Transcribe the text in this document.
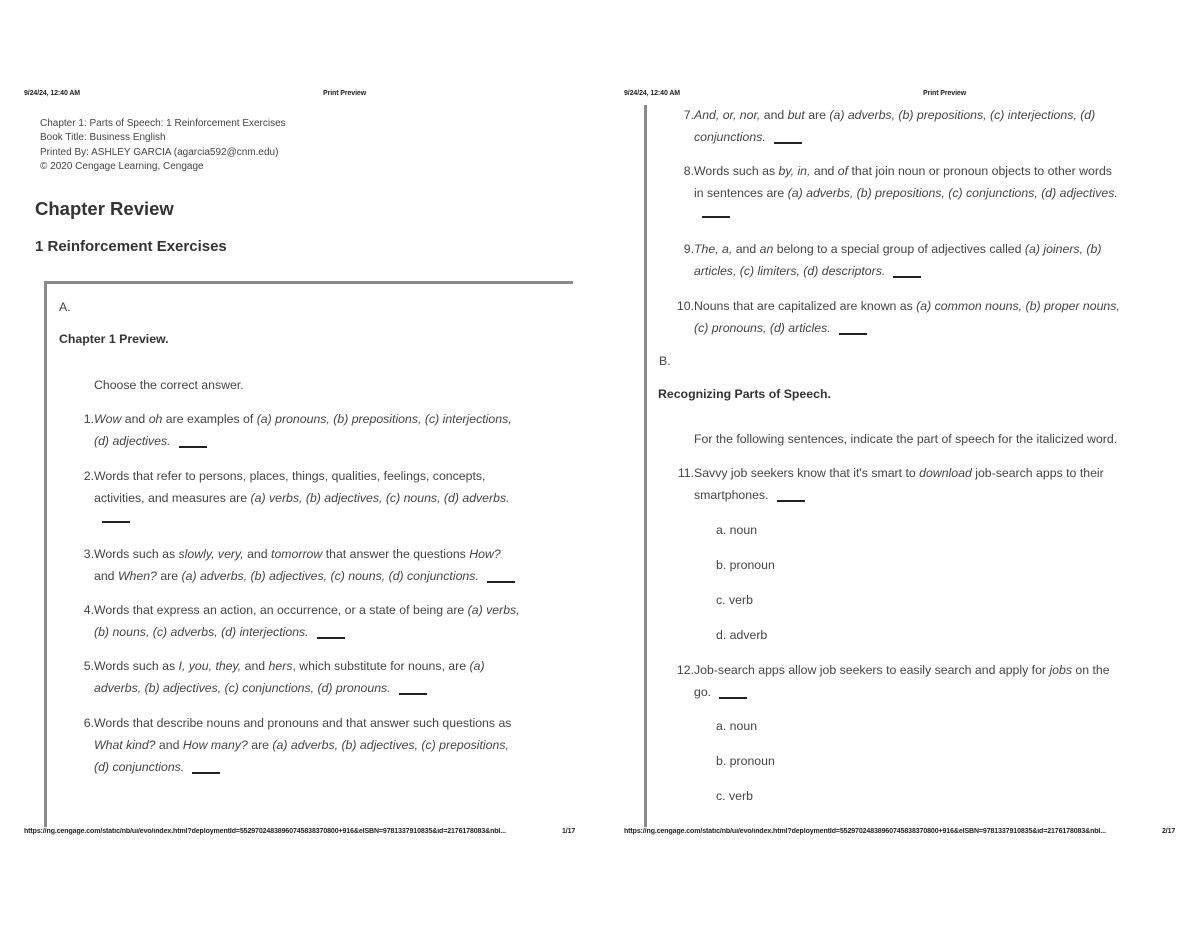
9/24/24, 12:40 AM	Print Preview
Chapter 1: Parts of Speech: 1 Reinforcement Exercises
Book Title: Business English
Printed By: ASHLEY GARCIA (agarcia592@cnm.edu)
© 2020 Cengage Learning, Cengage
Chapter Review
1 Reinforcement Exercises
A.
Chapter 1 Preview.
Choose the correct answer.
1. Wow and oh are examples of (a) pronouns, (b) prepositions, (c) interjections,
(d) adjectives.
2. Words that refer to persons, places, things, qualities, feelings, concepts,
activities, and measures are (a) verbs, (b) adjectives, (c) nouns, (d) adverbs.
3. Words such as slowly, very, and tomorrow that answer the questions How?
and When? are (a) adverbs, (b) adjectives, (c) nouns, (d) conjunctions.
4. Words that express an action, an occurrence, or a state of being are (a) verbs,
(b) nouns, (c) adverbs, (d) interjections.
5. Words such as I, you, they, and hers, which substitute for nouns, are (a)
adverbs, (b) adjectives, (c) conjunctions, (d) pronouns.
6. Words that describe nouns and pronouns and that answer such questions as
What kind? and How many? are (a) adverbs, (b) adjectives, (c) prepositions,
(d) conjunctions.
https://ng.cengage.com/static/nb/ui/evo/index.html?deploymentId=55297024838960745838370800+916&eISBN=9781337910835&id=2176178083&nbI...	1/17
9/24/24, 12:40 AM	Print Preview
7. And, or, nor, and but are (a) adverbs, (b) prepositions, (c) interjections, (d)
conjunctions.
8. Words such as by, in, and of that join noun or pronoun objects to other words
in sentences are (a) adverbs, (b) prepositions, (c) conjunctions, (d) adjectives.
9. The, a, and an belong to a special group of adjectives called (a) joiners, (b)
articles, (c) limiters, (d) descriptors.
10. Nouns that are capitalized are known as (a) common nouns, (b) proper nouns,
(c) pronouns, (d) articles.
B.
Recognizing Parts of Speech.
For the following sentences, indicate the part of speech for the italicized word.
11. Savvy job seekers know that it's smart to download job-search apps to their
smartphones.
a. noun
b. pronoun
c. verb
d. adverb
12. Job-search apps allow job seekers to easily search and apply for jobs on the
go.
a. noun
b. pronoun
c. verb
https://ng.cengage.com/static/nb/ui/evo/index.html?deploymentId=55297024838960745838370800+916&eISBN=9781337910835&id=2176178083&nbI...	2/17
